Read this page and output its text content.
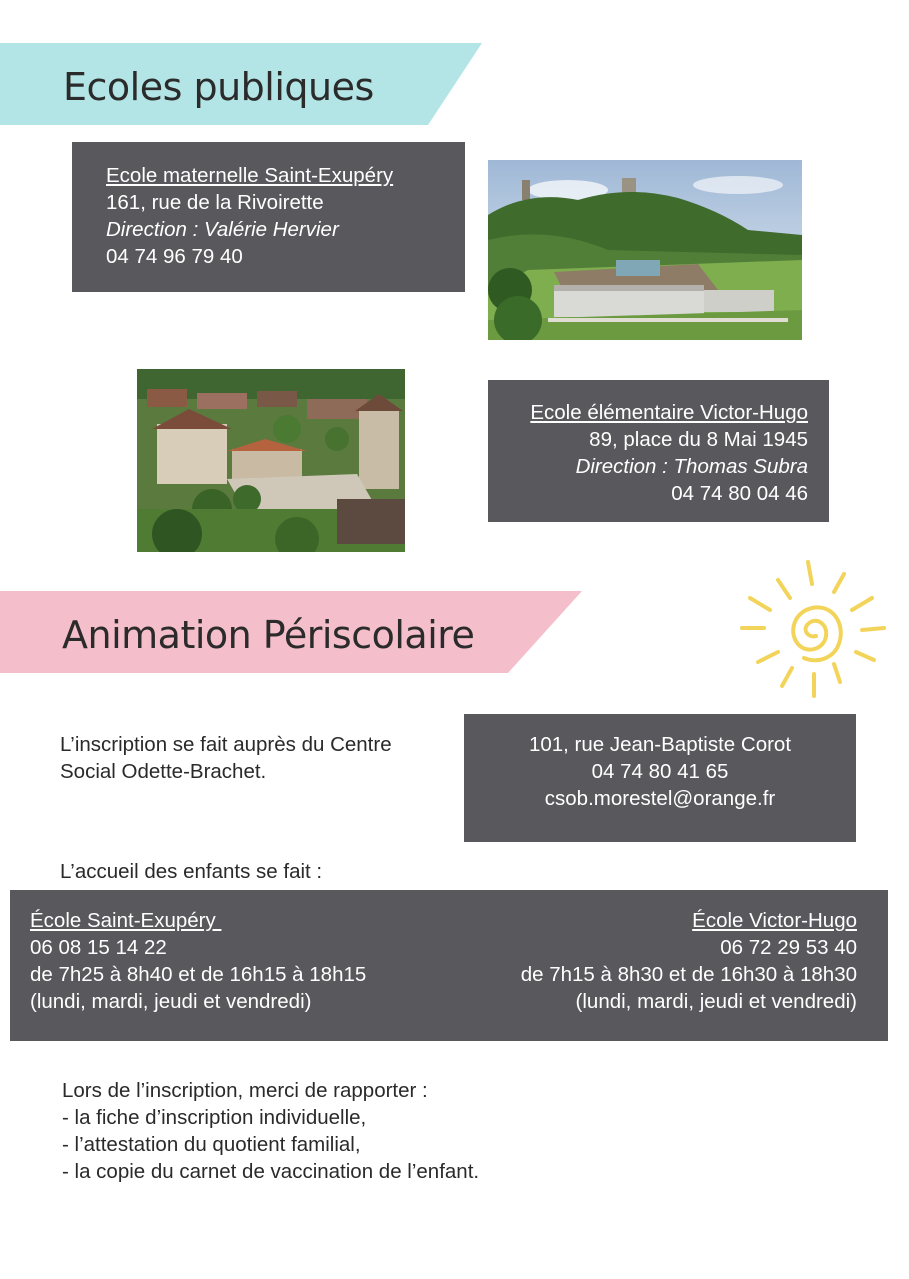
Ecoles publiques
Ecole maternelle Saint-Exupéry
161, rue de la Rivoirette
Direction : Valérie Hervier
04 74 96 79 40
Ecole élémentaire Victor-Hugo
89, place du 8 Mai 1945
Direction : Thomas Subra
04 74 80 04 46
Animation Périscolaire
L’inscription se fait auprès du Centre
Social Odette-Brachet.
101, rue Jean-Baptiste Corot
04 74 80 41 65
csob.morestel@orange.fr
L’accueil des enfants se fait :
École Saint-Exupéry
06 08 15 14 22
de 7h25 à 8h40 et de 16h15 à 18h15
(lundi, mardi, jeudi et vendredi)
École Victor-Hugo
06 72 29 53 40
de 7h15 à 8h30 et de 16h30 à 18h30
(lundi, mardi, jeudi et vendredi)
Lors de l’inscription, merci de rapporter :
- la fiche d’inscription individuelle,
- l’attestation du quotient familial,
- la copie du carnet de vaccination de l’enfant.
